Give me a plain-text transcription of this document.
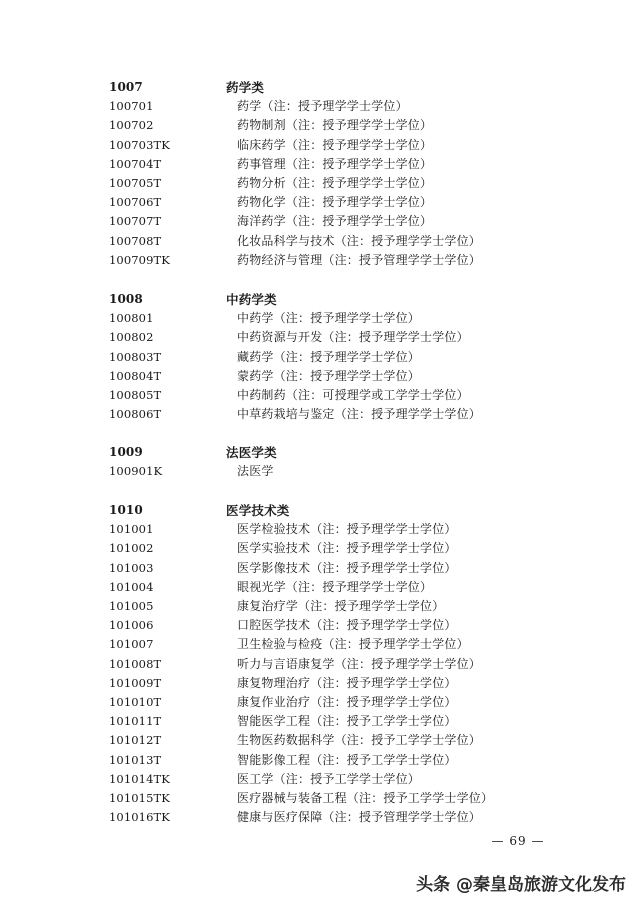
1007	药学类
100701	药学（注：授予理学学士学位）
100702	药物制剂（注：授予理学学士学位）
100703TK	临床药学（注：授予理学学士学位）
100704T	药事管理（注：授予理学学士学位）
100705T	药物分析（注：授予理学学士学位）
100706T	药物化学（注：授予理学学士学位）
100707T	海洋药学（注：授予理学学士学位）
100708T	化妆品科学与技术（注：授予理学学士学位）
100709TK	药物经济与管理（注：授予管理学学士学位）
1008	中药学类
100801	中药学（注：授予理学学士学位）
100802	中药资源与开发（注：授予理学学士学位）
100803T	藏药学（注：授予理学学士学位）
100804T	蒙药学（注：授予理学学士学位）
100805T	中药制药（注：可授理学或工学学士学位）
100806T	中草药栽培与鉴定（注：授予理学学士学位）
1009	法医学类
100901K	法医学
1010	医学技术类
101001	医学检验技术（注：授予理学学士学位）
101002	医学实验技术（注：授予理学学士学位）
101003	医学影像技术（注：授予理学学士学位）
101004	眼视光学（注：授予理学学士学位）
101005	康复治疗学（注：授予理学学士学位）
101006	口腔医学技术（注：授予理学学士学位）
101007	卫生检验与检疫（注：授予理学学士学位）
101008T	听力与言语康复学（注：授予理学学士学位）
101009T	康复物理治疗（注：授予理学学士学位）
101010T	康复作业治疗（注：授予理学学士学位）
101011T	智能医学工程（注：授予工学学士学位）
101012T	生物医药数据科学（注：授予工学学士学位）
101013T	智能影像工程（注：授予工学学士学位）
101014TK	医工学（注：授予工学学士学位）
101015TK	医疗器械与装备工程（注：授予工学学士学位）
101016TK	健康与医疗保障（注：授予管理学学士学位）
— 69 —
头条 @秦皇岛旅游文化发布
